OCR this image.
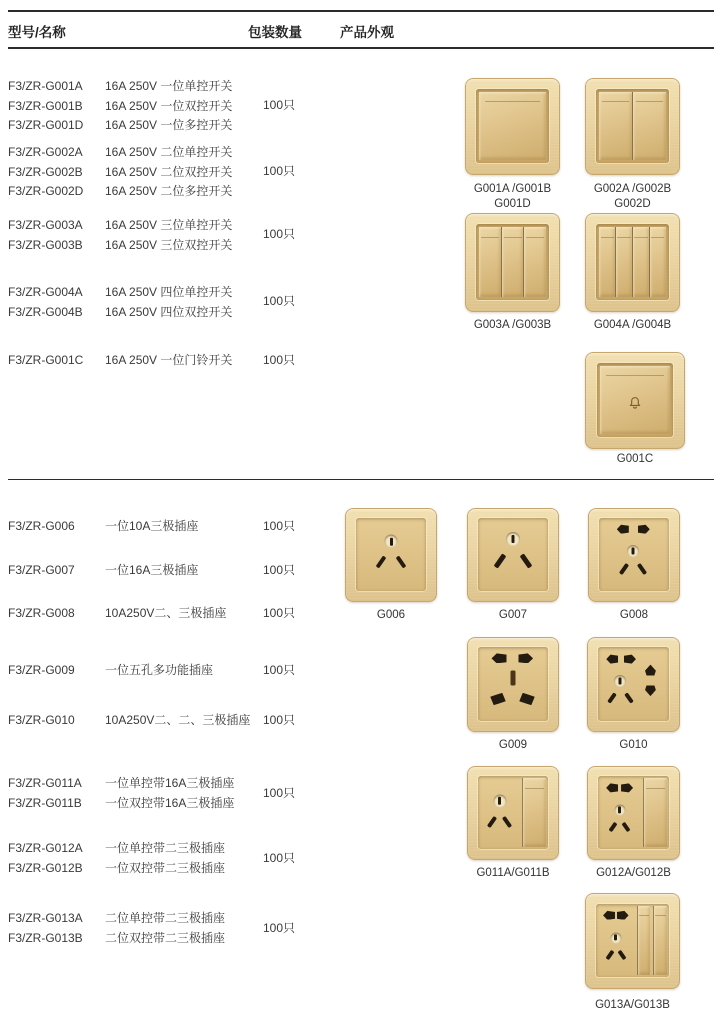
型号/名称	包装数量	产品外观
F3/ZR-G001A 16A 250V 一位单控开关
F3/ZR-G001B 16A 250V 一位双控开关
F3/ZR-G001D 16A 250V 一位多控开关
100只
F3/ZR-G002A 16A 250V 二位单控开关
F3/ZR-G002B 16A 250V 二位双控开关
F3/ZR-G002D 16A 250V 二位多控开关
100只
F3/ZR-G003A 16A 250V 三位单控开关
F3/ZR-G003B 16A 250V 三位双控开关
100只
F3/ZR-G004A 16A 250V 四位单控开关
F3/ZR-G004B 16A 250V 四位双控开关
100只
F3/ZR-G001C 16A 250V 一位门铃开关	100只
F3/ZR-G006	一位10A三极插座	100只
F3/ZR-G007	一位16A三极插座	100只
F3/ZR-G008	10A250V二、三极插座	100只
F3/ZR-G009	一位五孔多功能插座	100只
F3/ZR-G010	10A250V二、二、三极插座 100只
F3/ZR-G011A 一位单控带16A三极插座
F3/ZR-G011B 一位双控带16A三极插座
100只
F3/ZR-G012A 一位单控带二三极插座
F3/ZR-G012B 一位双控带二三极插座
100只
F3/ZR-G013A 二位单控带二三极插座
F3/ZR-G013B 二位双控带二三极插座
100只
G001A /G001B
G001D
G002A /G002B
G002D
G003A /G003B	G004A /G004B
G001C
G006	G007	G008
G009	G010
G011A/G011B	G012A/G012B
G013A/G013B
